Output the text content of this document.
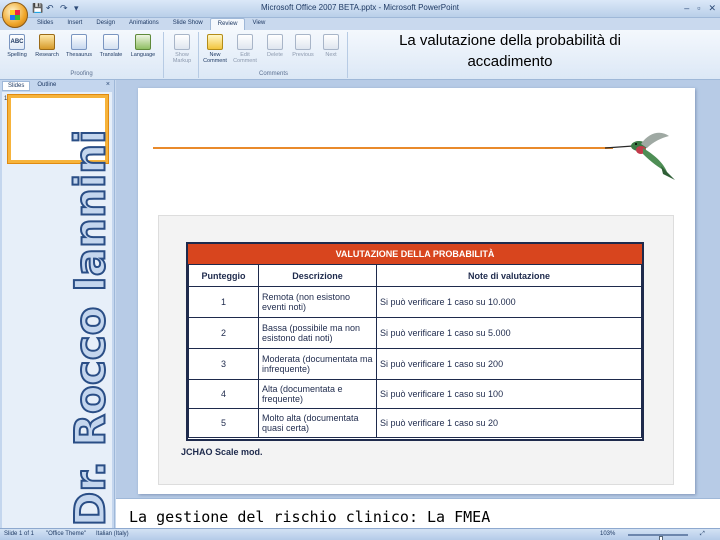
💾 ↶ ↷ ▾	Microsoft Office 2007 BETA.pptx - Microsoft PowerPoint	– ▫ ✕
Slides	Insert	Design	Animations	Slide Show	Review	View
ABC
Spelling	Research	Thesaurus	Translate	Language
Proofing
Show Markup
New Comment
Edit Comment
Delete	Previous	Next
Comments
La valutazione della probabilità di accadimento
Slides	Outline	×
1
Dr. Rocco Iannini	VALUTAZIONE DELLA PROBABILITÀ
Punteggio	Descrizione	Note di valutazione
1	Remota (non esistono eventi noti)	Si può verificare 1 caso su 10.000
2	Bassa (possibile ma non esistono dati noti)	Si può verificare 1 caso su 5.000
3	Moderata (documentata ma infrequente)	Si può verificare 1 caso su 200
4	Alta (documentata e frequente)	Si può verificare 1 caso su 100
5	Molto alta (documentata quasi certa)	Si può verificare 1 caso su 20
JCHAO Scale mod.
La gestione del rischio clinico: La FMEA
Slide 1 of 1 "Office Theme" Italian (Italy)	103%	⤢
